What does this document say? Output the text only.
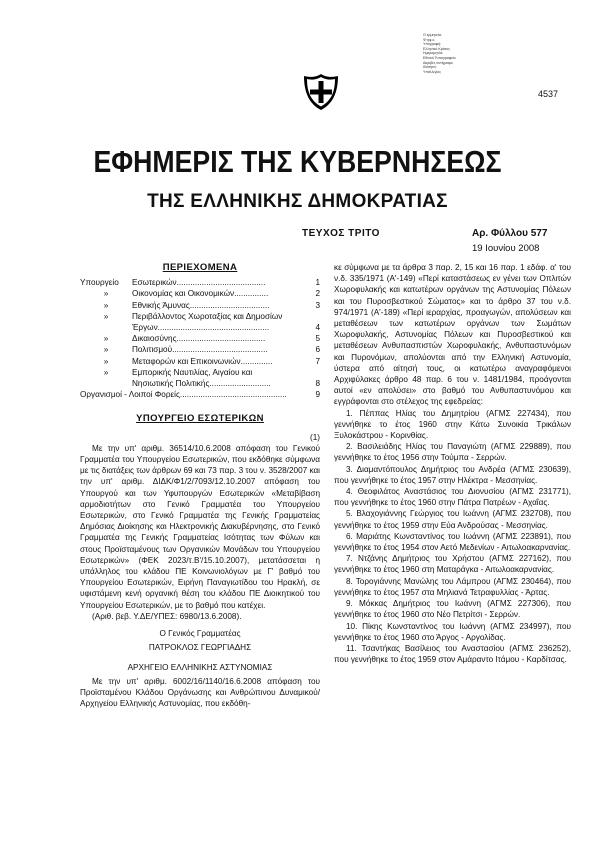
Ο ερμηνεία:
Ψ:ηφ.ο.
Υπογραφή:
Ελληνικό Κράτος
Ημερομηνία:
Εθνικό Τυπογραφείο
Ακριβές αντίγραφο
Ιδιότητα:
Υπάλληλος
4537
ΕΦΗΜΕΡΙΣ ΤΗΣ ΚΥΒΕΡΝΗΣΕΩΣ
ΤΗΣ ΕΛΛΗΝΙΚΗΣ ΔΗΜΟΚΡΑΤΙΑΣ
ΤΕΥΧΟΣ ΤΡΙΤΟ	Αρ. Φύλλου 577
19 Ιουνίου 2008
ΠΕΡΙΕΧΟΜΕΝΑ
Υπουργείο	Εσωτερικών.......................................	1
»	Οικονομίας και Οικονομικών...............	2
»	Εθνικής Άμυνας...................................	3
»	Περιβάλλοντος Χωροταξίας και Δημοσίων
Έργων.................................................	4
»	Δικαιοσύνης.......................................	5
»	Πολιτισμού..........................................	6
»	Μεταφορών και Επικοινωνιών..............	7
»	Εμπορικής Ναυτιλίας, Αιγαίου και
Νησιωτικής Πολιτικής...........................	8
Οργανισμοί - Λοιποί Φορείς ...............................................	9
ΥΠΟΥΡΓΕΙΟ ΕΣΩΤΕΡΙΚΩΝ
(1)

Με την υπ' αριθμ. 36514/10.6.2008 απόφαση του Γενικού Γραμματέα του Υπουργείου Εσωτερικών, που εκδόθηκε σύμφωνα με τις διατάξεις των άρθρων 69 και 73 παρ. 3 του ν. 3528/2007 και την υπ' αριθμ. ΔΙΔΚ/Φ1/2/7093/12.10.2007 απόφαση του Υπουργού και των Υφυπουργών Εσωτερικών «Μεταβίβαση αρμοδιοτήτων στο Γενικό Γραμματέα του Υπουργείου Εσωτερικών, στο Γενικό Γραμματέα της Γενικής Γραμματείας Δημόσιας Διοίκησης και Ηλεκτρονικής Διακυβέρνησης, στο Γενικό Γραμματέα της Γενικής Γραμματείας Ισότητας των Φύλων και στους Προϊσταμένους των Οργανικών Μονάδων του Υπουργείου Εσωτερικών» (ΦΕΚ 2023/τ.Β'/15.10.2007), μετατάσσεται η υπάλληλος του κλάδου ΠΕ Κοινωνιολόγων με Γ' βαθμό του Υπουργείου Εσωτερικών, Ειρήνη Παναγιωτίδου του Ηρακλή, σε υφιστάμενη κενή οργανική θέση του κλάδου ΠΕ Διοικητικού του Υπουργείου Εσωτερικών, με το βαθμό που κατέχει.

(Αριθ. βεβ. Υ.ΔΕ/ΥΠΕΣ: 6980/13.6.2008).

Ο Γενικός Γραμματέας
ΠΑΤΡΟΚΛΟΣ ΓΕΩΡΓΙΑΔΗΣ
ΑΡΧΗΓΕΙΟ ΕΛΛΗΝΙΚΗΣ ΑΣΤΥΝΟΜΙΑΣ

Με την υπ' αριθμ. 6002/16/1140/16.6.2008 απόφαση του Προϊσταμένου Κλάδου Οργάνωσης και Ανθρώπινου Δυναμικού/Αρχηγείου Ελληνικής Αστυνομίας, που εκδόθη-

κε σύμφωνα με τα άρθρα 3 παρ. 2, 15 και 16 παρ. 1 εδάφ. α' του ν.δ. 335/1971 (Α'-149) «Περί καταστάσεως εν γένει των Οπλιτών Χωροφυλακής και κατωτέρων οργάνων της Αστυνομίας Πόλεων και του Πυροσβεστικού Σώματος» και το άρθρο 37 του ν.δ. 974/1971 (Α'-189) «Περί ιεραρχίας, προαγωγών, απολύσεων και μεταθέσεων των κατωτέρων οργάνων των Σωμάτων Χωροφυλακής, Αστυνομίας Πόλεων και Πυροσβεστικού και μεταθέσεων Ανθυπασπιστών Χωροφυλακής, Ανθυπαστυνόμων και Πυρονόμων, απολύονται από την Ελληνική Αστυνομία, ύστερα από αίτησή τους, οι κατωτέρω αναγραφόμενοι Αρχιφύλακες άρθρο 48 παρ. 6 του ν. 1481/1984, προάγονται αυτοί «εν απολύσει» στο βαθμό του Ανθυπαστυνόμου και εγγράφονται στο στέλεχος της εφεδρείας:

1. Πέππας Ηλίας του Δημητρίου (ΑΓΜΣ 227434), που γεννήθηκε το έτος 1960 στην Κάτω Συνοικία Τρικάλων Ξυλοκάστρου - Κορινθίας.

2. Βασιλειάδης Ηλίας του Παναγιώτη (ΑΓΜΣ 229889), που γεννήθηκε το έτος 1956 στην Τούμπα - Σερρών.

3. Διαμαντόπουλος Δημήτριος του Ανδρέα (ΑΓΜΣ 230639), που γεννήθηκε το έτος 1957 στην Ηλέκτρα - Μεσσηνίας.

4. Θεοφιλάτος Αναστάσιος του Διονυσίου (ΑΓΜΣ 231771), που γεννήθηκε το έτος 1960 στην Πάτρα Πατρέων - Αχαΐας.

5. Βλαχογιάννης Γεώργιος του Ιωάννη (ΑΓΜΣ 232708), που γεννήθηκε το έτος 1959 στην Εύα Ανδρούσας - Μεσσηνίας.

6. Μαριάτης Κωνσταντίνος του Ιωάννη (ΑΓΜΣ 223891), που γεννήθηκε το έτος 1954 στον Αετό Μεδενίων - Αιτωλοακαρνανίας.

7. Ντζάνης Δημήτριος του Χρήστου (ΑΓΜΣ 227162), που γεννήθηκε το έτος 1960 στη Ματαράγκα - Αιτωλοακαρνανίας.

8. Τορογιάννης Μανώλης του Λάμπρου (ΑΓΜΣ 230464), που γεννήθηκε το έτος 1957 στα Μηλιανά Τετραφυλλίας - Άρτας.

9. Μόκκας Δημήτριος του Ιωάννη (ΑΓΜΣ 227306), που γεννήθηκε το έτος 1960 στο Νέο Πετρίτσι - Σερρών.

10. Πίκης Κωνσταντίνος του Ιωάννη (ΑΓΜΣ 234997), που γεννήθηκε το έτος 1960 στο Άργος - Αργολίδας.

11. Τσαντήκας Βασίλειος του Αναστασίου (ΑΓΜΣ 236252), που γεννήθηκε το έτος 1959 στον Αμάραντο Ιτάμου - Καρδίτσας.
